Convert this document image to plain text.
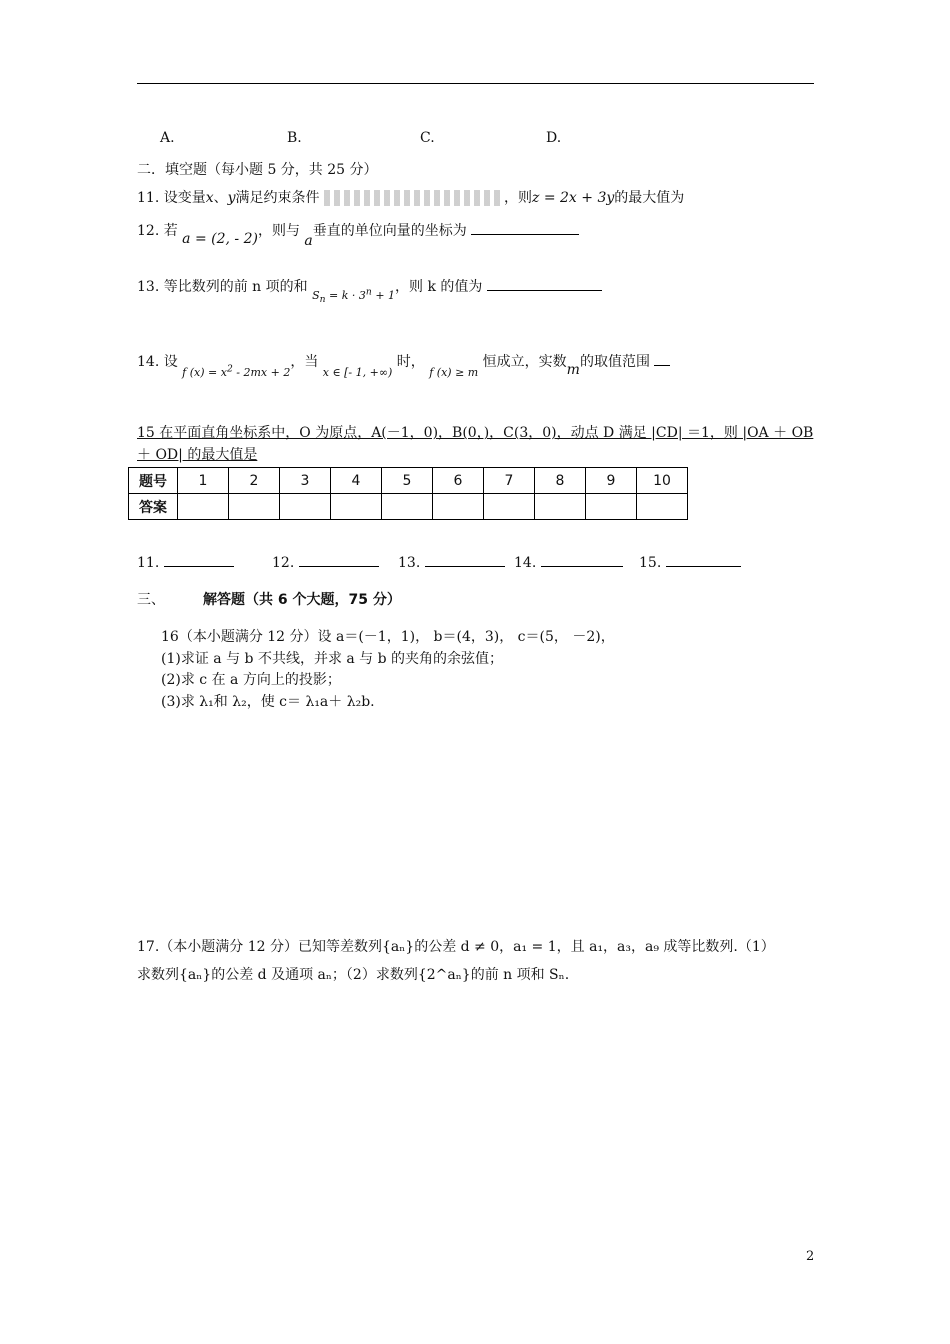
A.	B.	C.	D.
二．填空题（每小题 5 分，共 25 分）
11. 设变量x、y满足约束条件	，则z = 2x + 3y的最大值为
12. 若 a = (2, - 2)，则与 a垂直的单位向量的坐标为
13. 等比数列的前 n 项的和 $_{S_n = k \cdot 3^n + 1}$，则 k 的值为
14. 设 $_{f (x) = x^2 - 2mx + 2}$，当 $_{x \in [- 1, +\infty)}$ 时， $_{f (x) \ge m}$ 恒成立，实数m的取值范围
15 在平面直角坐标系中，O 为原点，A(－1，0)，B(0，)，C(3，0)，动点 D 满足 |CD| ＝1，则 |OA ＋ OB
＋ OD| 的最大值是
题号	1	2	3	4	5	6	7	8	9	10
答案										
11.	12.	13.	14.	15.
三、	解答题（共 6 个大题，75 分）
16（本小题满分 12 分）设 a＝(－1，1)， b＝(4，3)， c＝(5， －2)，
(1)求证 a 与 b 不共线，并求 a 与 b 的夹角的余弦值；
(2)求 c 在 a 方向上的投影；
(3)求 λ₁和 λ₂，使 c＝ λ₁a＋ λ₂b.
17.（本小题满分 12 分）已知等差数列{aₙ}的公差 d ≠ 0，a₁ = 1，且 a₁，a₃，a₉ 成等比数列.（1）
求数列{aₙ}的公差 d 及通项 aₙ；（2）求数列{2^aₙ}的前 n 项和 Sₙ.
2
